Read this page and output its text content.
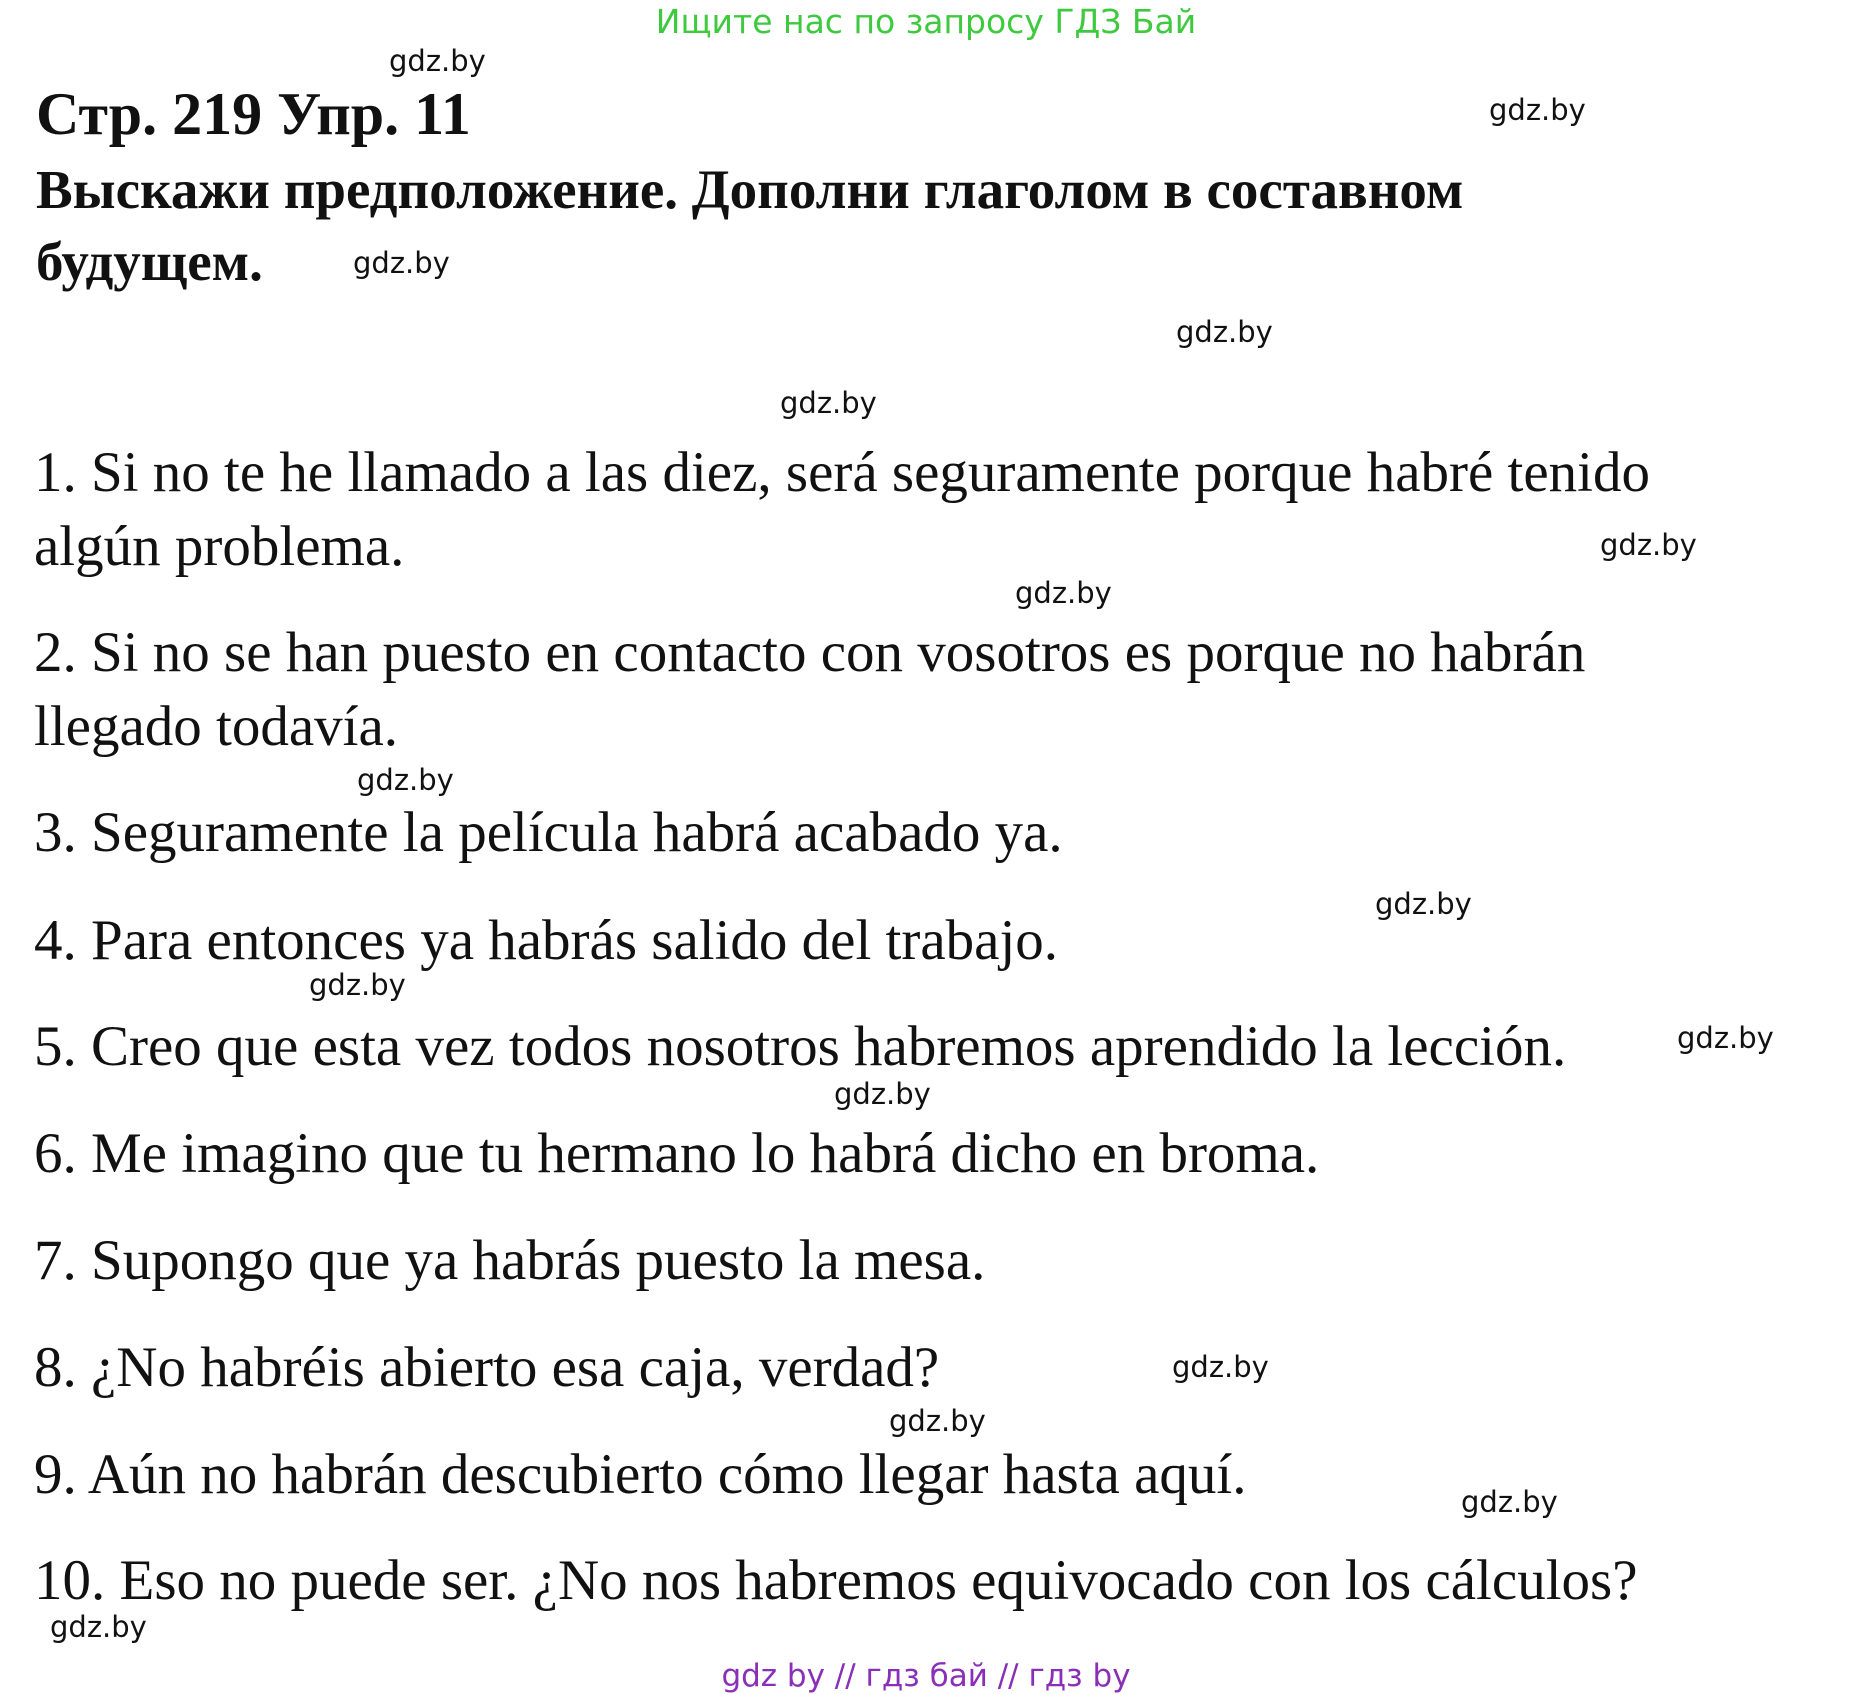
Ищите нас по запросу ГДЗ Бай
Стр. 219 Упр. 11
Выскажи предположение. Дополни глаголом в составном
будущем.
1. Si no te he llamado a las diez, será seguramente porque habré tenido
algún problema.
2. Si no se han puesto en contacto con vosotros es porque no habrán
llegado todavía.
3. Seguramente la película habrá acabado ya.
4. Para entonces ya habrás salido del trabajo.
5. Creo que esta vez todos nosotros habremos aprendido la lección.
6. Me imagino que tu hermano lo habrá dicho en broma.
7. Supongo que ya habrás puesto la mesa.
8. ¿No habréis abierto esa caja, verdad?
9. Aún no habrán descubierto cómo llegar hasta aquí.
10. Eso no puede ser. ¿No nos habremos equivocado con los cálculos?
gdz.by
gdz.by
gdz.by
gdz.by
gdz.by
gdz.by
gdz.by
gdz.by
gdz.by
gdz.by
gdz.by
gdz.by
gdz.by
gdz.by
gdz.by
gdz.by
gdz by // гдз бай // гдз by
